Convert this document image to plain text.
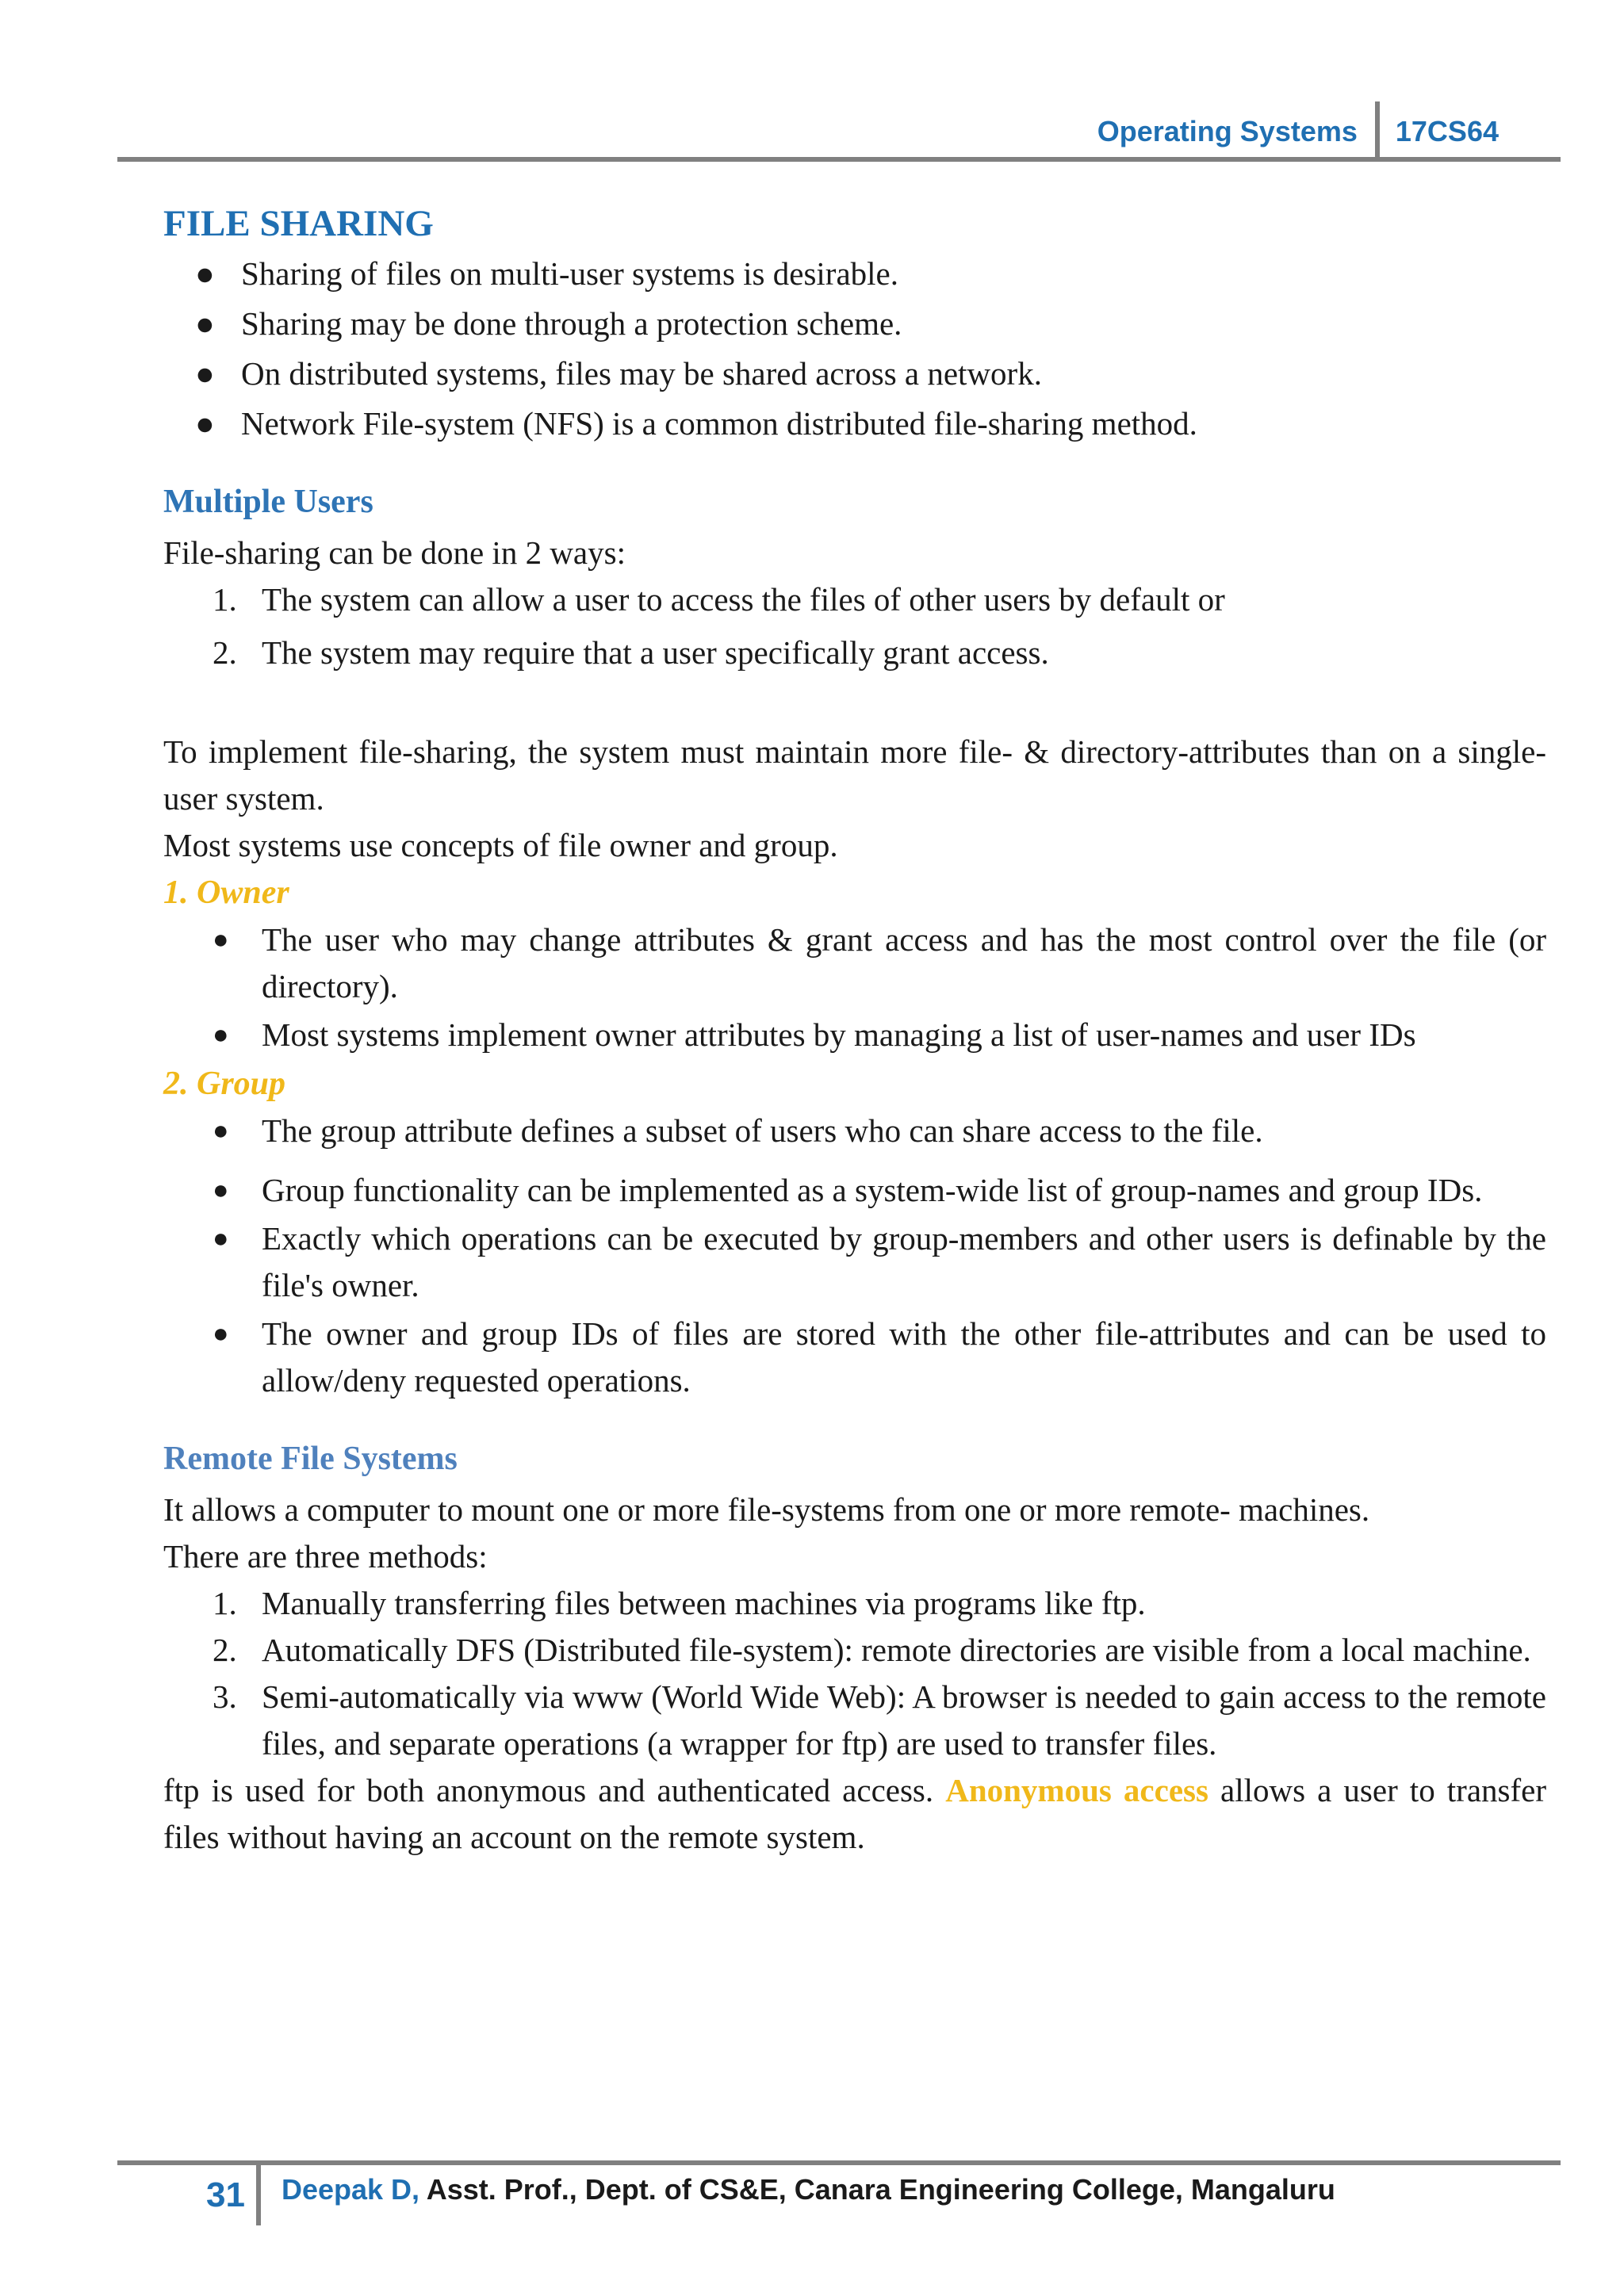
Operating Systems 17CS64
FILE SHARING
● Sharing of files on multi-user systems is desirable.
● Sharing may be done through a protection scheme.
● On distributed systems, files may be shared across a network.
● Network File-system (NFS) is a common distributed file-sharing method.
Multiple Users

File-sharing can be done in 2 ways:

1. The system can allow a user to access the files of other users by default or
2. The system may require that a user specifically grant access.

To implement file-sharing, the system must maintain more file- & directory-attributes than on a single-user system.

Most systems use concepts of file owner and group.

1. Owner
● The user who may change attributes & grant access and has the most control over the file (or directory).
● Most systems implement owner attributes by managing a list of user-names and user IDs
2. Group
● The group attribute defines a subset of users who can share access to the file.
● Group functionality can be implemented as a system-wide list of group-names and group IDs.
● Exactly which operations can be executed by group-members and other users is definable by the file's owner.
● The owner and group IDs of files are stored with the other file-attributes and can be used to allow/deny requested operations.
Remote File Systems

It allows a computer to mount one or more file-systems from one or more remote- machines.

There are three methods:

1. Manually transferring files between machines via programs like ftp.
2. Automatically DFS (Distributed file-system): remote directories are visible from a local machine.
3. Semi-automatically via www (World Wide Web): A browser is needed to gain access to the remote files, and separate operations (a wrapper for ftp) are used to transfer files.

ftp is used for both anonymous and authenticated access. Anonymous access allows a user to transfer files without having an account on the remote system.

31 Deepak D, Asst. Prof., Dept. of CS&E, Canara Engineering College, Mangaluru
